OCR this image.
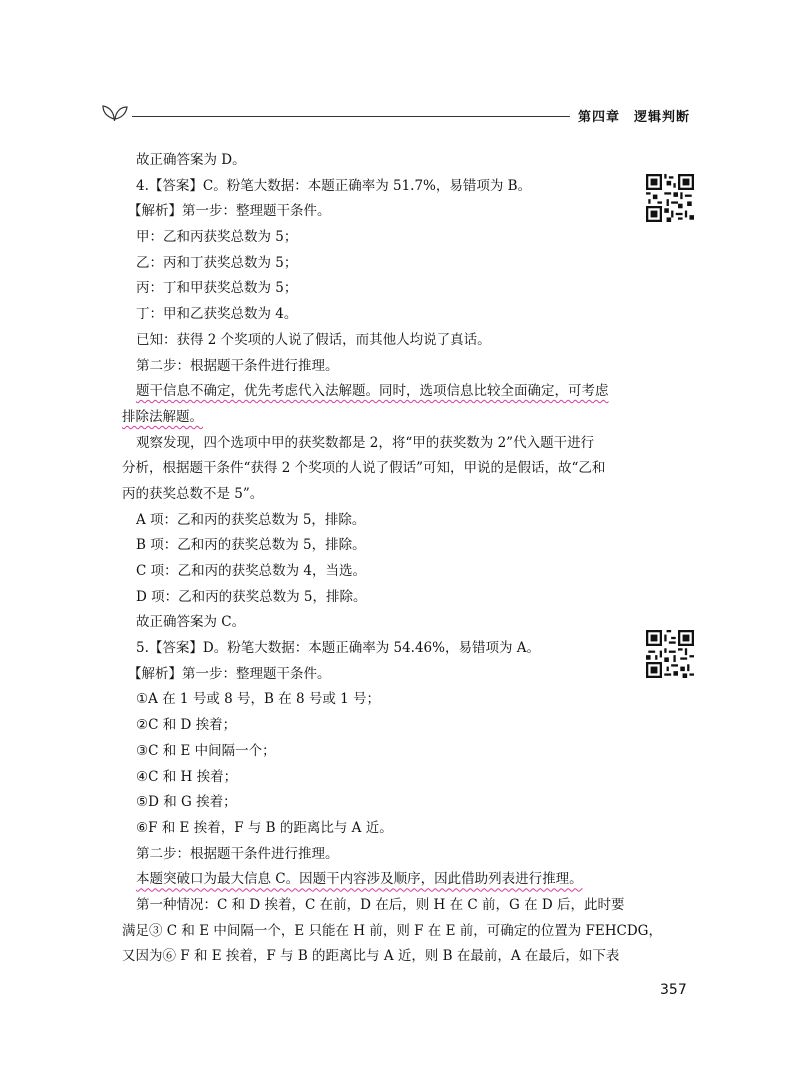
第四章 逻辑判断
故正确答案为 D。
4.【答案】C。粉笔大数据：本题正确率为 51.7%，易错项为 B。
【解析】第一步：整理题干条件。
甲：乙和丙获奖总数为 5；
乙：丙和丁获奖总数为 5；
丙：丁和甲获奖总数为 5；
丁：甲和乙获奖总数为 4。
已知：获得 2 个奖项的人说了假话，而其他人均说了真话。
第二步：根据题干条件进行推理。
题干信息不确定，优先考虑代入法解题。同时，选项信息比较全面确定，可考虑
排除法解题。
观察发现，四个选项中甲的获奖数都是 2，将“甲的获奖数为 2”代入题干进行
分析，根据题干条件“获得 2 个奖项的人说了假话”可知，甲说的是假话，故“乙和
丙的获奖总数不是 5”。
A 项：乙和丙的获奖总数为 5，排除。
B 项：乙和丙的获奖总数为 5，排除。
C 项：乙和丙的获奖总数为 4，当选。
D 项：乙和丙的获奖总数为 5，排除。
故正确答案为 C。
5.【答案】D。粉笔大数据：本题正确率为 54.46%，易错项为 A。
【解析】第一步：整理题干条件。
①A 在 1 号或 8 号，B 在 8 号或 1 号；
②C 和 D 挨着；
③C 和 E 中间隔一个；
④C 和 H 挨着；
⑤D 和 G 挨着；
⑥F 和 E 挨着，F 与 B 的距离比与 A 近。
第二步：根据题干条件进行推理。
本题突破口为最大信息 C。因题干内容涉及顺序，因此借助列表进行推理。
第一种情况：C 和 D 挨着，C 在前，D 在后，则 H 在 C 前，G 在 D 后，此时要
满足③ C 和 E 中间隔一个，E 只能在 H 前，则 F 在 E 前，可确定的位置为 FEHCDG，
又因为⑥ F 和 E 挨着，F 与 B 的距离比与 A 近，则 B 在最前，A 在最后，如下表
357
